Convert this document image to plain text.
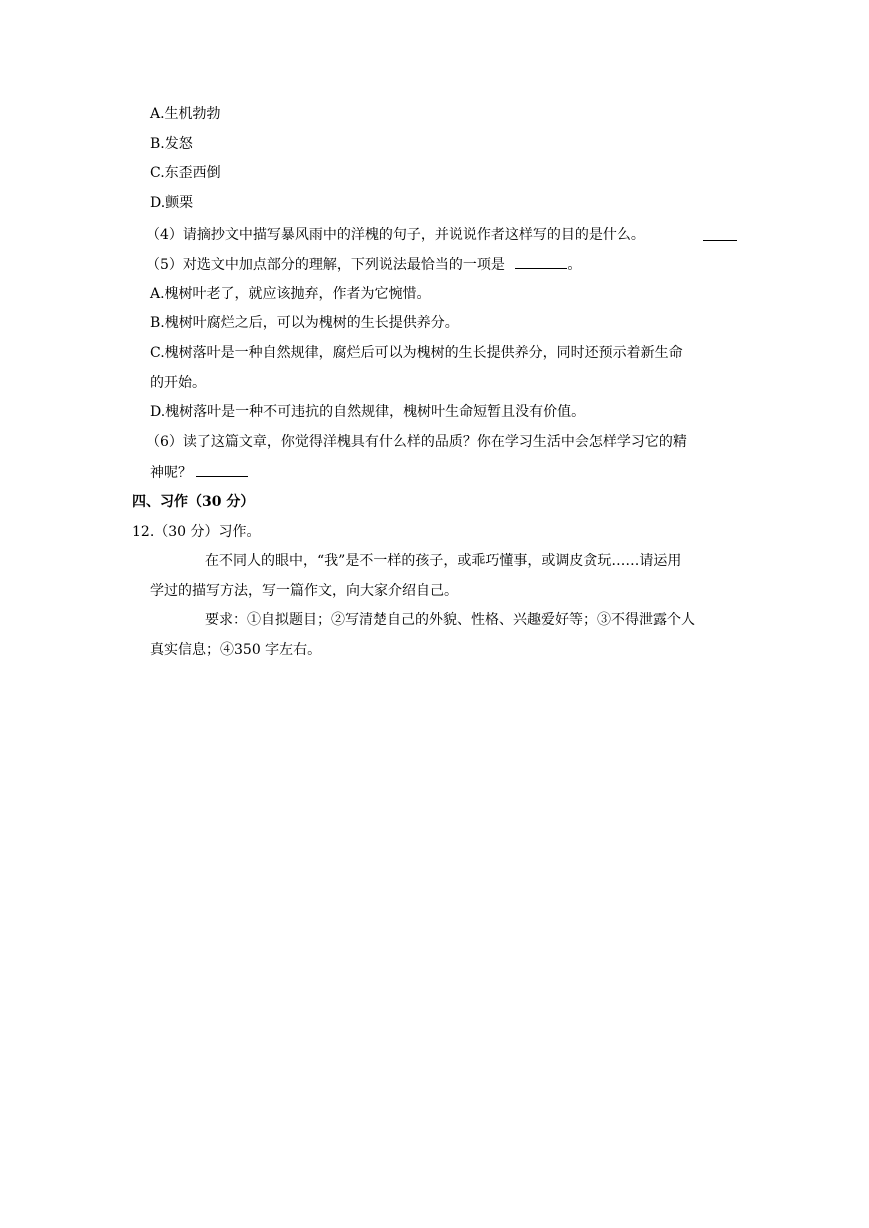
A.生机勃勃
B.发怒
C.东歪西倒
D.颤栗
（4）请摘抄文中描写暴风雨中的洋槐的句子，并说说作者这样写的目的是什么。
（5）对选文中加点部分的理解，下列说法最恰当的一项是	。
A.槐树叶老了，就应该抛弃，作者为它惋惜。
B.槐树叶腐烂之后，可以为槐树的生长提供养分。
C.槐树落叶是一种自然规律，腐烂后可以为槐树的生长提供养分，同时还预示着新生命
的开始。
D.槐树落叶是一种不可违抗的自然规律，槐树叶生命短暂且没有价值。
（6）读了这篇文章，你觉得洋槐具有什么样的品质？你在学习生活中会怎样学习它的精
神呢？
四、习作（30 分）
12.（30 分）习作。
在不同人的眼中，“我”是不一样的孩子，或乖巧懂事，或调皮贪玩……请运用
学过的描写方法，写一篇作文，向大家介绍自己。
要求：①自拟题目；②写清楚自己的外貌、性格、兴趣爱好等；③不得泄露个人
真实信息；④350 字左右。
